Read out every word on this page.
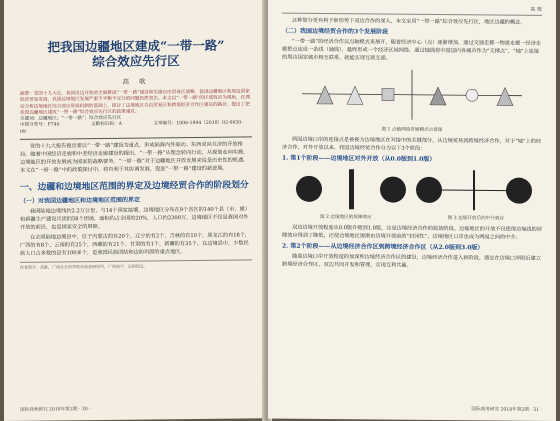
把我国边疆地区建成“一带一路”
综合效应先行区
高 歌
摘要：党的十九大后，我国沿边开放的全面推进“一带一路”建设和实施自由贸易区战略，促进边疆地区和周边国家经济贸易发展，我国边境地区发展严重不平衡不充分的问题仍然突出。本文以“一带一路”的区域效应为视角，在理论分析边境地区综合效应形成机制的基础上，探讨了边境地区自由贸易区和跨境经济合作区建设的路径，提出了把我国边疆地区建成“一带一路”综合效应先行区的政策建议。
关键词：边疆地区；“一带一路”；综合效应先行区
中图分类号：F740	文献标识码：A	文章编号：1006-1894（2018）02-0030-09
党的十九大报告提出要以“一带一路”建设为重点，形成陆海内外联动、东西双向互济的开放格局。随着中国经济走廊和中老经济走廊建设的提出，“一带一路”从理念转向行动，从规划走向实施，边境地区的开放发展成为国家的战略要务。“一带一路”对于边疆地区开放发展来说是历史性的机遇。本文在“一带一路”中的政策探讨中，将有利于其协调发展，促进“一带一路”建设的新进展。
一、边疆和边境地区范围的界定及边境经贸合作的阶段划分
（一）对我国边疆地区和边境地区范围的界定
我国陆地边境线约2.2万公里，与14个国家接壤，边境地区分布在9个省区的140个县（市、旗）和新疆生产建设兵团的58个团场，面积约占全国的20%，人口约2300万。边境地区不仅是我国对外开放的前沿，也是国家安全的屏障。
在全国陆地边境县中，位于内蒙古的有20个，辽宁的有2个，吉林的有10个，黑龙江的有18个，广西的有8个，云南的有25个，西藏的有21个，甘肃的有1个，新疆的有35个。在边境县中，少数民族人口占多数的县有100多个，是我国民族团结和边防巩固的重点地区。
作者简介：高歌，广西社会科学院东南亚研究所，广西南宁，530022。
国际商务研究 2018年第2期 · 30 ·
高 歌
这种划分更有利于新形势下双边合作的深入，本文采用“一带一路”综合效应先行区，地区边疆的概念。
（二）我国边境经贸合作的3个发展阶段
“一带一路”的经济合作以点轴模式来展开，随着经济中心（点）逐渐增加，通过交通走廊一物流走廊一经济走廊把点连成一条线（轴线），最终形成一个经济区域网络。通过轴线将中国国内各城市作为“支撑点”，“轴”上连接的周边国家城市相互联系，就能实现互联互通。
图 1 点轴网络发展模式示意图
两国边境口岸的连接点是被视为边境地区在对接中的关键部分。从边境贸易到跨境经济合作，对于“轴”上的经济合作，对外开放以来，我国边境经贸合作分为以下3个阶段：
1. 第1个阶段——边境地区对外开放（从0.0版到1.0版）
图 2 边境地区的屏障效应	图 3 边境开放后的中介效应
双边边境开放程度从0.0版升级到1.0版，这是边境经济合作的起始阶段。边境地区的开放不仅使得边境线的屏障效应得到了降低，还使边境地区逐渐由边境开放前的“封闭性”，边境地区口岸也成为两国之间的中介。
2. 第2个阶段——从边境经济合作区到跨境经济合作区（从2.0版到3.0版）
随着边境口岸开放程度的加深和边境经济合作区的建设，边境经济合作进入新阶段。通过在边境口岸附近建立跨境经济合作区，双边共同开发和管理，实现互利共赢。
国际商务研究 2018年第2期 · 31 ·
